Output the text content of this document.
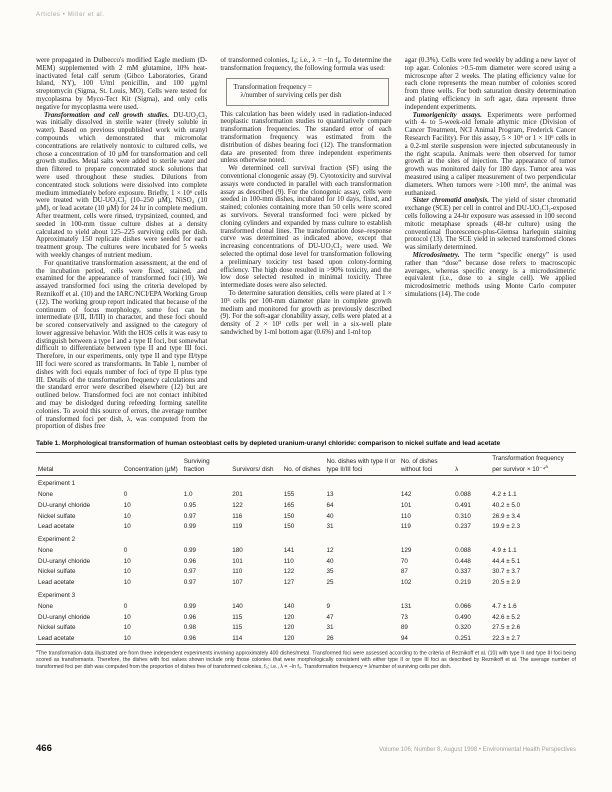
Articles • Miller et al.

were propagated in Dulbecco's modified Eagle medium (D-MEM) supplemented with 2 mM glutamine, 10% heat-inactivated fetal calf serum (Gibco Laboratories, Grand Island, NY), 100 U/ml penicillin, and 100 µg/ml streptomycin (Sigma, St. Louis, MO). Cells were tested for mycoplasma by Myco-Tect Kit (Sigma), and only cells negative for mycoplasma were used.

Transformation and cell growth studies. DU-UO₂Cl₂ was initially dissolved in sterile water (freely soluble in water). Based on previous unpublished work with uranyl compounds which demonstrated that micromolar concentrations are relatively nontoxic to cultured cells, we chose a concentration of 10 µM for transformation and cell growth studies. Metal salts were added to sterile water and then filtered to prepare concentrated stock solutions that were used throughout these studies. Dilutions from concentrated stock solutions were dissolved into complete medium immediately before exposure. Briefly, 1 × 10⁶ cells were treated with DU-UO₂Cl₂ (10–250 µM), NiSO₄ (10 µM), or lead acetate (10 µM) for 24 hr in complete medium. After treatment, cells were rinsed, trypsinized, counted, and seeded in 100-mm tissue culture dishes at a density calculated to yield about 125–225 surviving cells per dish. Approximately 150 replicate dishes were seeded for each treatment group. The cultures were incubated for 5 weeks with weekly changes of nutrient medium.

For quantitative transformation assessment, at the end of the incubation period, cells were fixed, stained, and examined for the appearance of transformed foci (10). We assayed transformed foci using the criteria developed by Reznikoff et al. (10) and the IARC/NCI/EPA Working Group (12). The working group report indicated that because of the continuum of focus morphology, some foci can be intermediate (I/II, II/III) in character, and these foci should be scored conservatively and assigned to the category of lower aggressive behavior. With the HOS cells it was easy to distinguish between a type I and a type II foci, but somewhat difficult to differentiate between type II and type III foci. Therefore, in our experiments, only type II and type II/type III foci were scored as transformants. In Table 1, number of dishes with foci equals number of foci of type II plus type III. Details of the transformation frequency calculations and the standard error were described elsewhere (12) but are outlined below. Transformed foci are not contact inhibited and may be dislodged during refeeding forming satellite colonies. To avoid this source of errors, the average number of transformed foci per dish, λ, was computed from the proportion of dishes free

of transformed colonies, f₀; i.e., λ = −ln f₀. To determine the transformation frequency, the following formula was used:

Transformation frequency =
λ/number of surviving cells per dish

This calculation has been widely used in radiation-induced neoplastic transformation studies to quantitatively compare transformation frequencies. The standard error of each transformation frequency was estimated from the distribution of dishes bearing foci (12). The transformation data are presented from three independent experiments unless otherwise noted.

We determined cell survival fraction (SF) using the conventional clonogenic assay (9). Cytotoxicity and survival assays were conducted in parallel with each transformation assay as described (9). For the clonogenic assay, cells were seeded in 100-mm dishes, incubated for 10 days, fixed, and stained; colonies containing more than 50 cells were scored as survivors. Several transformed foci were picked by cloning cylinders and expanded by mass culture to establish transformed clonal lines. The transformation dose–response curve was determined as indicated above, except that increasing concentrations of DU-UO₂Cl₂ were used. We selected the optimal dose level for transformation following a preliminary toxicity test based upon colony-forming efficiency. The high dose resulted in >90% toxicity, and the low dose selected resulted in minimal toxicity. Three intermediate doses were also selected.

To determine saturation densities, cells were plated at 1 × 10⁵ cells per 100-mm diameter plate in complete growth medium and monitored for growth as previously described (9). For the soft-agar clonability assay, cells were plated at a density of 2 × 10³ cells per well in a six-well plate sandwiched by 1-ml bottom agar (0.6%) and 1-ml top

agar (0.3%). Cells were fed weekly by adding a new layer of top agar. Colonies >0.5-mm diameter were scored using a microscope after 2 weeks. The plating efficiency value for each clone represents the mean number of colonies scored from three wells. For both saturation density determination and plating efficiency in soft agar, data represent three independent experiments.

Tumorigenicity assays. Experiments were performed with 4- to 5-week-old female athymic mice (Division of Cancer Treatment, NCI Animal Program, Frederick Cancer Research Facility). For this assay, 5 × 10⁶ or 1 × 10⁶ cells in a 0.2-ml sterile suspension were injected subcutaneously in the right scapula. Animals were then observed for tumor growth at the sites of injection. The appearance of tumor growth was monitored daily for 180 days. Tumor area was measured using a caliper measurement of two perpendicular diameters. When tumors were >100 mm², the animal was euthanized.

Sister chromatid analysis. The yield of sister chromatid exchange (SCE) per cell in control and DU-UO₂Cl₂-exposed cells following a 24-hr exposure was assessed in 100 second mitotic metaphase spreads (48-hr culture) using the conventional fluorescence-plus-Giemsa harlequin staining protocol (13). The SCE yield in selected transformed clones was similarly determined.

Microdosimetry. The term “specific energy” is used rather than “dose” because dose refers to macroscopic averages, whereas specific energy is a microdosimetric equivalent (i.e., dose to a single cell). We applied microdosimetric methods using Monte Carlo computer simulations (14). The code

Table 1. Morphological transformation of human osteoblast cells by depleted uranium-uranyl chloride: comparison to nickel sulfate and lead acetate
Metal	Concentration (µM)	Surviving fraction	Survivors/ dish	No. of dishes	No. dishes with type II or type II/III foci	No. of dishes without foci	λ	Transformation frequency per survivor × 10⁻⁴$^a$
Experiment 1								
None	0	1.0	201	155	13	142	0.088	4.2 ± 1.1
DU-uranyl chloride	10	0.95	122	165	64	101	0.491	40.2 ± 5.0
Nickel sulfate	10	0.97	116	150	40	110	0.310	26.9 ± 3.4
Lead acetate	10	0.99	119	150	31	119	0.237	19.9 ± 2.3
Experiment 2								
None	0	0.99	180	141	12	129	0.088	4.9 ± 1.1
DU-uranyl chloride	10	0.96	101	110	40	70	0.448	44.4 ± 5.1
Nickel sulfate	10	0.97	110	122	35	87	0.337	30.7 ± 3.7
Lead acetate	10	0.97	107	127	25	102	0.219	20.5 ± 2.9
Experiment 3								
None	0	0.99	140	140	9	131	0.066	4.7 ± 1.6
DU-uranyl chloride	10	0.96	115	120	47	73	0.490	42.6 ± 5.2
Nickel sulfate	10	0.98	115	120	31	89	0.320	27.5 ± 2.6
Lead acetate	10	0.96	114	120	26	94	0.251	22.3 ± 2.7
$^a$The transformation data illustrated are from three independent experiments involving approximately 400 dishes/metal. Transformed foci were assessed according to the criteria of Reznikoff et al. (10) with type II and type III foci being scored as transformants. Therefore, the dishes with foci values shown include only those colonies that were morphologically consistent with either type II or type III foci as described by Reznikoff et al. The average number of transformed foci per dish was computed from the proportion of dishes free of transformed colonies, f₀; i.e., λ = −ln f₀. Transformation frequency = λ/number of surviving cells per dish.
466	Volume 106, Number 8, August 1998 • Environmental Health Perspectives
